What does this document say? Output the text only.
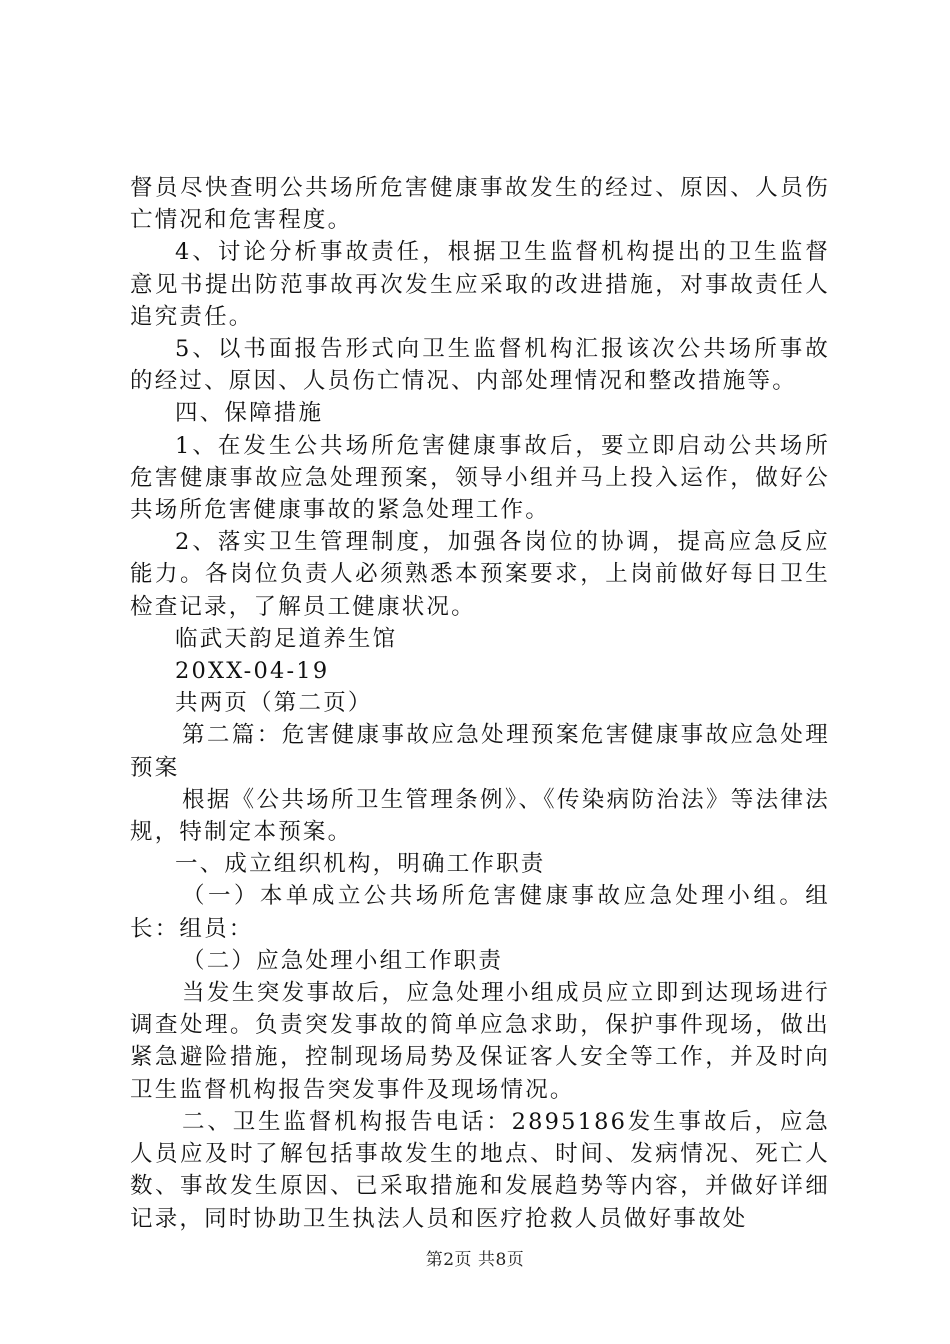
督员尽快查明公共场所危害健康事故发生的经过、原因、人员伤亡情况和危害程度。

4、讨论分析事故责任，根据卫生监督机构提出的卫生监督意见书提出防范事故再次发生应采取的改进措施，对事故责任人追究责任。

5、以书面报告形式向卫生监督机构汇报该次公共场所事故的经过、原因、人员伤亡情况、内部处理情况和整改措施等。

四、保障措施

1、在发生公共场所危害健康事故后，要立即启动公共场所危害健康事故应急处理预案，领导小组并马上投入运作，做好公共场所危害健康事故的紧急处理工作。

2、落实卫生管理制度，加强各岗位的协调，提高应急反应能力。各岗位负责人必须熟悉本预案要求，上岗前做好每日卫生检查记录，了解员工健康状况。

临武天韵足道养生馆

20XX-04-19

共两页（第二页）

第二篇：危害健康事故应急处理预案危害健康事故应急处理预案

根据《公共场所卫生管理条例》、《传染病防治法》等法律法规，特制定本预案。

一、成立组织机构，明确工作职责

（一）本单成立公共场所危害健康事故应急处理小组。组长：组员：

（二）应急处理小组工作职责

当发生突发事故后，应急处理小组成员应立即到达现场进行调查处理。负责突发事故的简单应急求助，保护事件现场，做出紧急避险措施，控制现场局势及保证客人安全等工作，并及时向卫生监督机构报告突发事件及现场情况。

二、卫生监督机构报告电话：2895186发生事故后，应急人员应及时了解包括事故发生的地点、时间、发病情况、死亡人数、事故发生原因、已采取措施和发展趋势等内容，并做好详细记录，同时协助卫生执法人员和医疗抢救人员做好事故处

第2页 共8页
